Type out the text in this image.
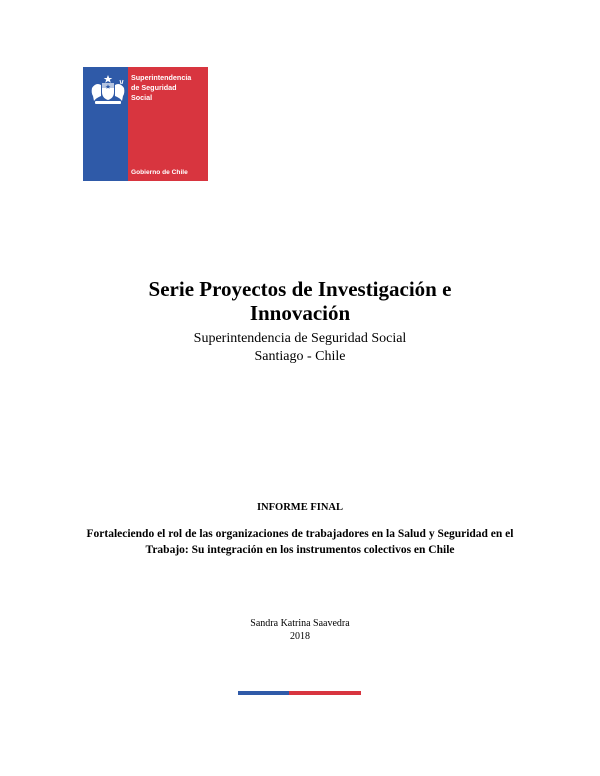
Superintendencia
de Seguridad
Social
Gobierno de Chile
Serie Proyectos de Investigación e Innovación

Superintendencia de Seguridad Social

Santiago - Chile

INFORME FINAL

Fortaleciendo el rol de las organizaciones de trabajadores en la Salud y Seguridad en el Trabajo: Su integración en los instrumentos colectivos en Chile

Sandra Katrina Saavedra

2018
